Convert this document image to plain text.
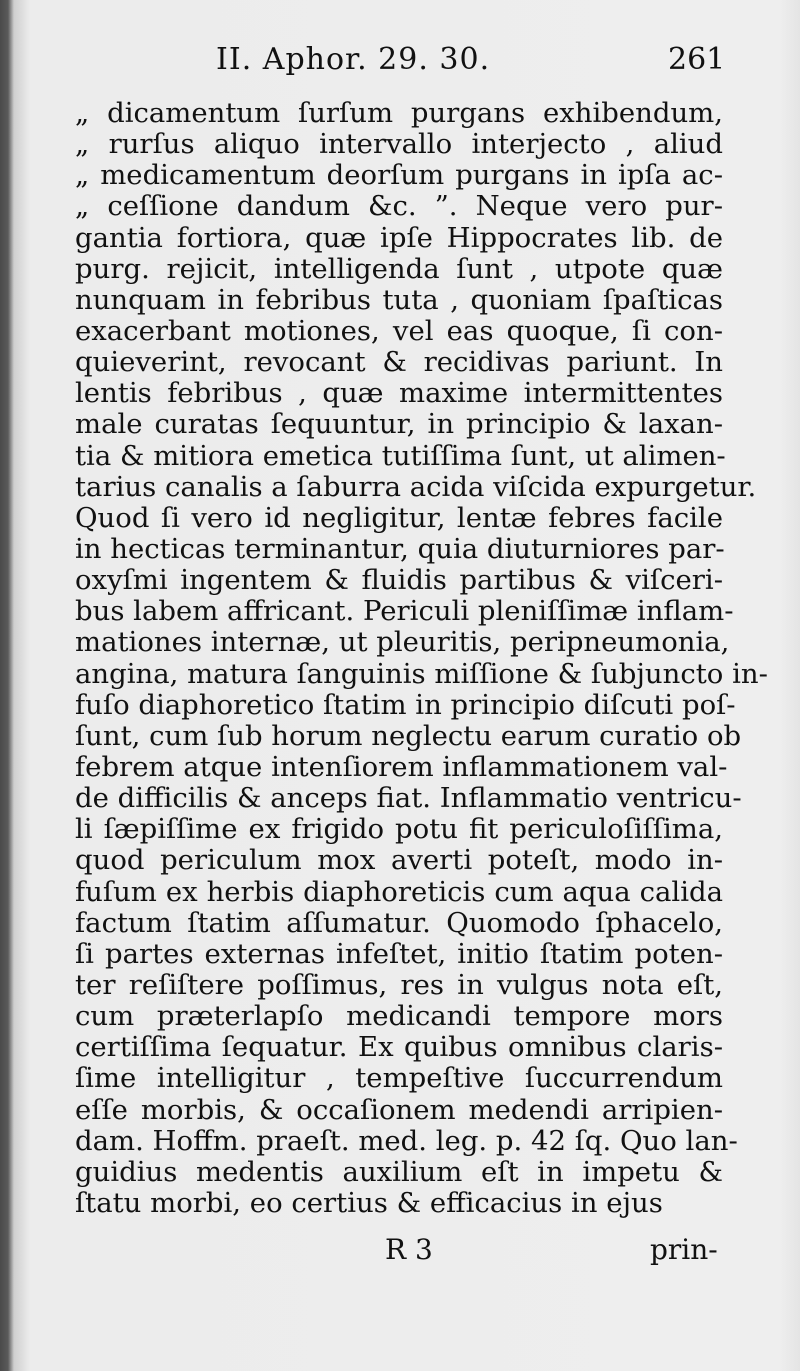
II. Aphor. 29. 30.	261
„ dicamentum ſurſum purgans exhibendum,
„ rurſus aliquo intervallo interjecto , aliud
„ medicamentum deorſum purgans in ipſa ac-
„ ceſſione dandum &c. ”. Neque vero pur-
gantia fortiora, quæ ipſe Hippocrates lib. de
purg. rejicit, intelligenda ſunt , utpote quæ
nunquam in febribus tuta , quoniam ſpaſticas
exacerbant motiones, vel eas quoque, ſi con-
quieverint, revocant & recidivas pariunt. In
lentis febribus , quæ maxime intermittentes
male curatas ſequuntur, in principio & laxan-
tia & mitiora emetica tutiſſima ſunt, ut alimen-
tarius canalis a ſaburra acida viſcida expurgetur.
Quod ſi vero id negligitur, lentæ febres facile
in hecticas terminantur, quia diuturniores par-
oxyſmi ingentem & fluidis partibus & viſceri-
bus labem affricant. Periculi pleniſſimæ inflam-
mationes internæ, ut pleuritis, peripneumonia,
angina, matura ſanguinis miſſione & ſubjuncto in-
fuſo diaphoretico ſtatim in principio diſcuti poſ-
ſunt, cum ſub horum neglectu earum curatio ob
febrem atque intenſiorem inflammationem val-
de difficilis & anceps fiat. Inflammatio ventricu-
li ſæpiſſime ex frigido potu fit periculoſiſſima,
quod periculum mox averti poteſt, modo in-
fuſum ex herbis diaphoreticis cum aqua calida
factum ſtatim aſſumatur. Quomodo ſphacelo,
ſi partes externas infeſtet, initio ſtatim poten-
ter reſiſtere poſſimus, res in vulgus nota eſt,
cum præterlapſo medicandi tempore mors
certiſſima ſequatur. Ex quibus omnibus claris-
ſime intelligitur , tempeſtive ſuccurrendum
eſſe morbis, & occaſionem medendi arripien-
dam. Hoffm. praeſt. med. leg. p. 42 ſq. Quo lan-
guidius medentis auxilium eſt in impetu &
ſtatu morbi, eo certius & efficacius in ejus
R 3	prin-
